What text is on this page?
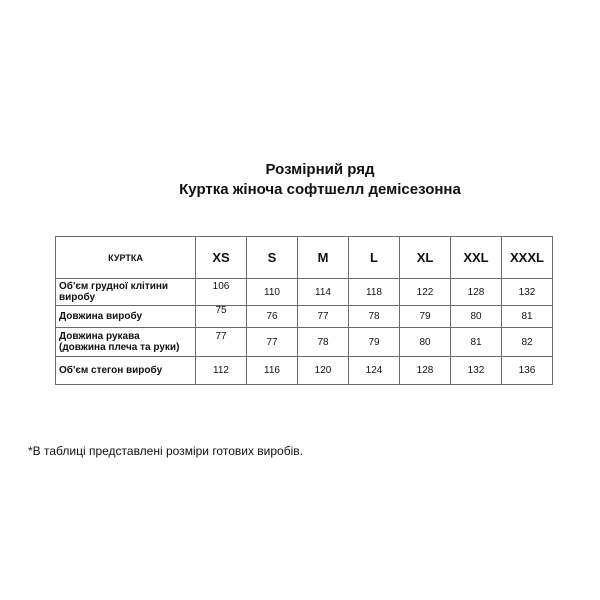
Розмірний ряд
Куртка жіноча софтшелл демісезонна
КУРТКА	XS	S	M	L	XL	XXL	XXXL

Об'єм грудної клітини
виробу	106	110	114	118	122	128	132

Довжина виробу	75	76	77	78	79	80	81

Довжина рукава
(довжина плеча та руки)	77	77	78	79	80	81	82

Об'єм стегон виробу	112	116	120	124	128	132	136
*В таблиці представлені розміри готових виробів.
